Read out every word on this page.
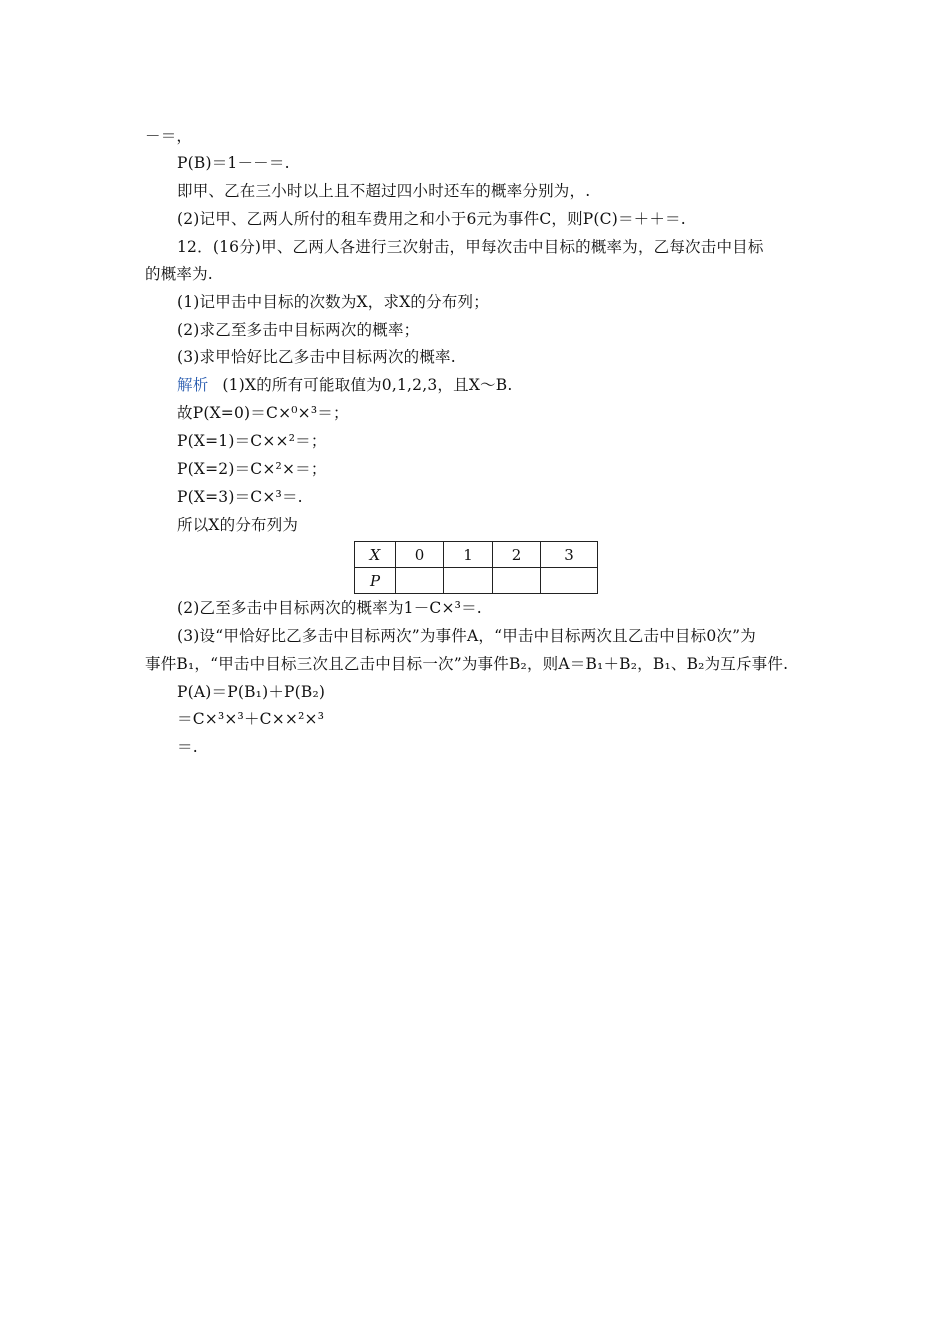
－＝，
P(B)＝1－－＝.
即甲、乙在三小时以上且不超过四小时还车的概率分别为，.
(2)记甲、乙两人所付的租车费用之和小于6元为事件C，则P(C)＝＋＋＝.
12．(16分)甲、乙两人各进行三次射击，甲每次击中目标的概率为，乙每次击中目标
的概率为.
(1)记甲击中目标的次数为X，求X的分布列；
(2)求乙至多击中目标两次的概率；
(3)求甲恰好比乙多击中目标两次的概率.
解析 (1)X的所有可能取值为0,1,2,3，且X～B.
故P(X=0)＝C×⁰×³＝；
P(X=1)＝C××²＝；
P(X=2)＝C×²×＝；
P(X=3)＝C×³＝.
所以X的分布列为
X	0	1	2	3
P				
(2)乙至多击中目标两次的概率为1－C×³＝.
(3)设“甲恰好比乙多击中目标两次”为事件A，“甲击中目标两次且乙击中目标0次”为
事件B₁，“甲击中目标三次且乙击中目标一次”为事件B₂，则A＝B₁＋B₂，B₁、B₂为互斥事件.
P(A)＝P(B₁)＋P(B₂)
＝C×³×³＋C××²×³
＝.
